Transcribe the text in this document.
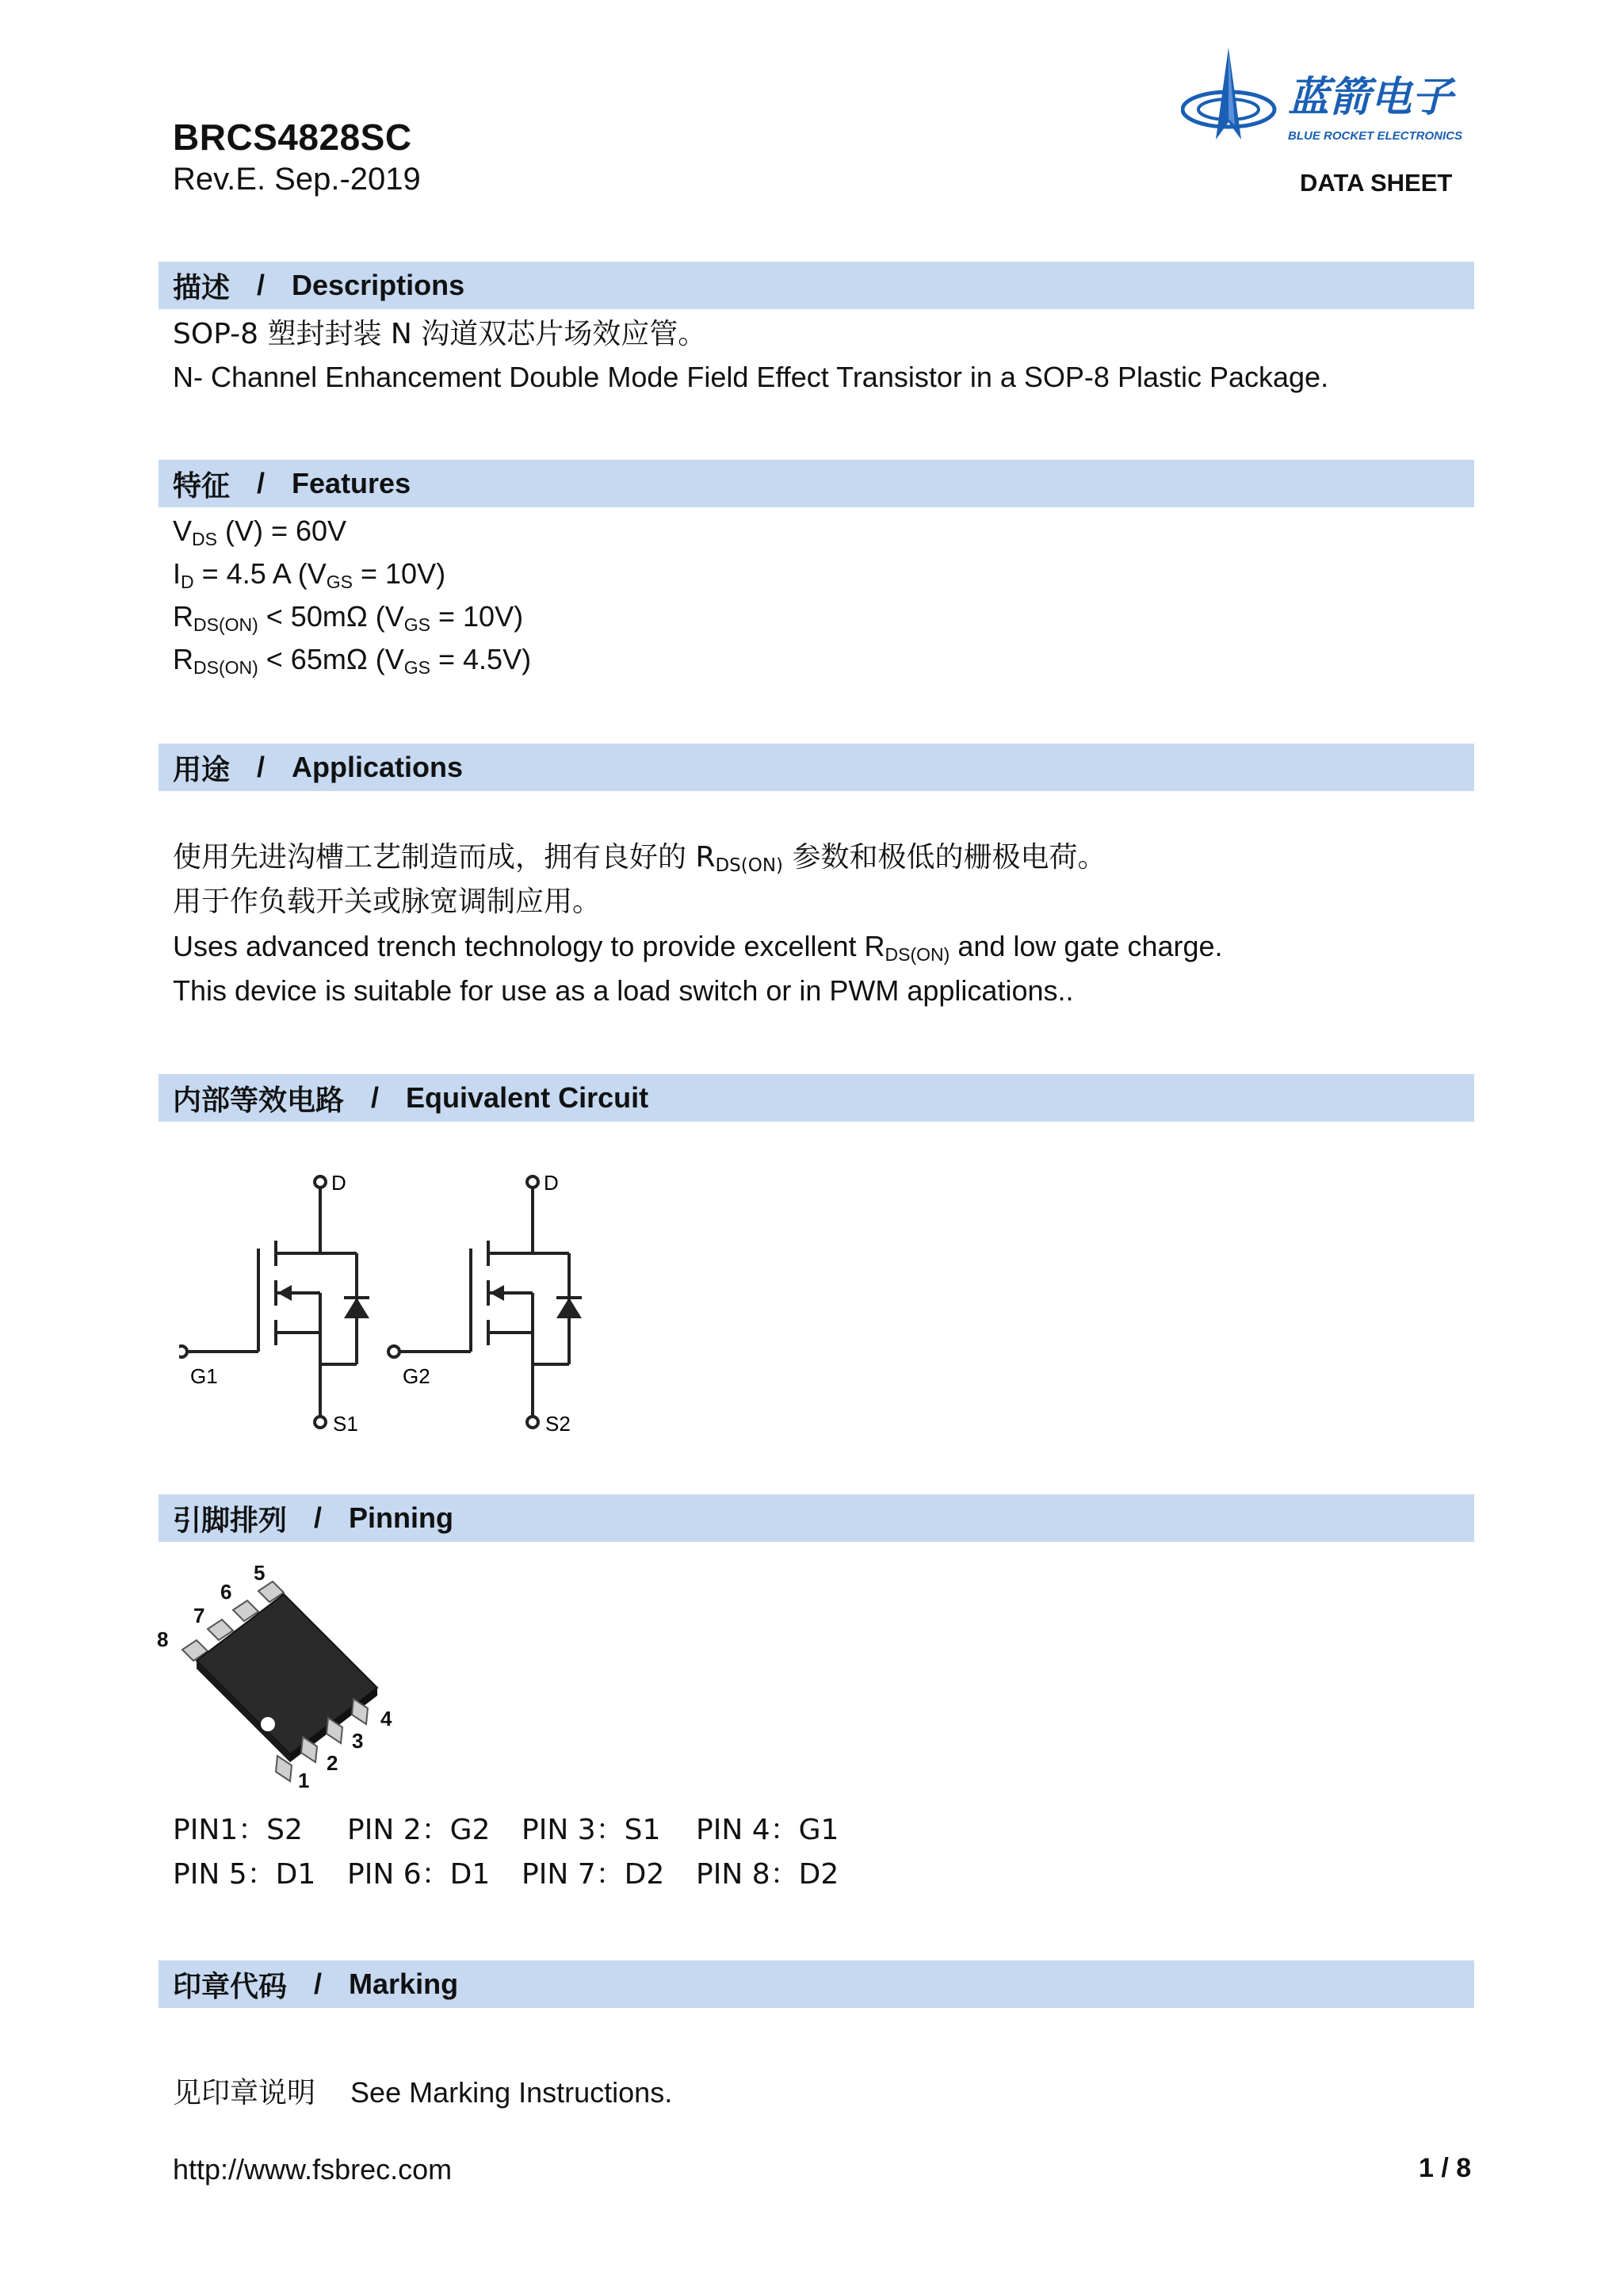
BRCS4828SC
Rev.E. Sep.-2019
蓝箭电子
BLUE ROCKET ELECTRONICS
DATA SHEET
描述 / Descriptions
SOP-8 塑封封装 N 沟道双芯片场效应管。
N- Channel Enhancement Double Mode Field Effect Transistor in a SOP-8 Plastic Package.
特征 / Features
$V_{DS}$ (V) = 60V
$I_D = 4.5$ A $(V_{GS} = 10V)$
$R_{DS(ON)} < 50m\Omega$ $(V_{GS} = 10V)$
$R_{DS(ON)} < 65m\Omega$ $(V_{GS} = 4.5V)$
用途 / Applications
使用先进沟槽工艺制造而成，拥有良好的 $R_{DS(ON)}$ 参数和极低的栅极电荷。
用于作负载开关或脉宽调制应用。
Uses advanced trench technology to provide excellent $R_{DS(ON)}$ and low gate charge.
This device is suitable for use as a load switch or in PWM applications..
内部等效电路 / Equivalent Circuit
D
G1
S1
D
G2
S2
引脚排列 / Pinning
1
2
3
4
5
6
7
8
PIN1：S2 PIN 2：G2 PIN 3：S1 PIN 4：G1
PIN 5：D1 PIN 6：D1 PIN 7：D2 PIN 8：D2
印章代码 / Marking
见印章说明 See Marking Instructions.
http://www.fsbrec.com	1 / 8
